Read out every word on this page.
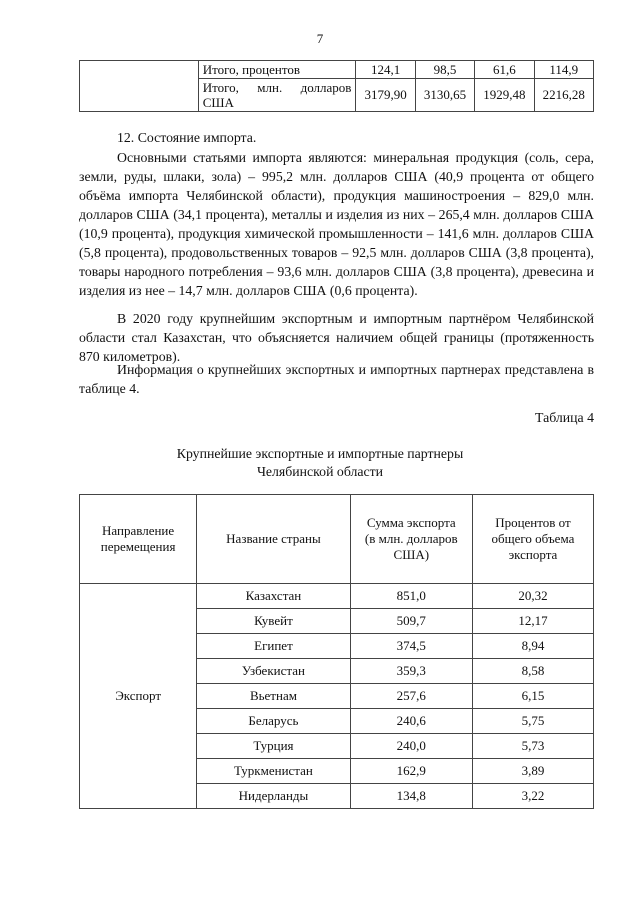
7
	Итого, процентов	124,1	98,5	61,6	114,9
	Итого, млн. долларов США	3179,90	3130,65	1929,48	2216,28

12. Состояние импорта.

Основными статьями импорта являются: минеральная продукция (соль, сера, земли, руды, шлаки, зола) – 995,2 млн. долларов США (40,9 процента от общего объёма импорта Челябинской области), продукция машиностроения – 829,0 млн. долларов США (34,1 процента), металлы и изделия из них – 265,4 млн. долларов США (10,9 процента), продукция химической промышленности – 141,6 млн. долларов США (5,8 процента), продовольственных товаров – 92,5 млн. долларов США (3,8 процента), товары народного потребления – 93,6 млн. долларов США (3,8 процента), древесина и изделия из нее – 14,7 млн. долларов США (0,6 процента).

В 2020 году крупнейшим экспортным и импортным партнёром Челябинской области стал Казахстан, что объясняется наличием общей границы (протяженность 870 километров).

Информация о крупнейших экспортных и импортных партнерах представлена в таблице 4.

Таблица 4
Крупнейшие экспортные и импортные партнеры
Челябинской области
Направление перемещения	Название страны	Сумма экспорта (в млн. долларов США)	Процентов от общего объема экспорта
Экспорт	Казахстан	851,0	20,32
	Кувейт	509,7	12,17
	Египет	374,5	8,94
	Узбекистан	359,3	8,58
	Вьетнам	257,6	6,15
	Беларусь	240,6	5,75
	Турция	240,0	5,73
	Туркменистан	162,9	3,89
	Нидерланды	134,8	3,22
